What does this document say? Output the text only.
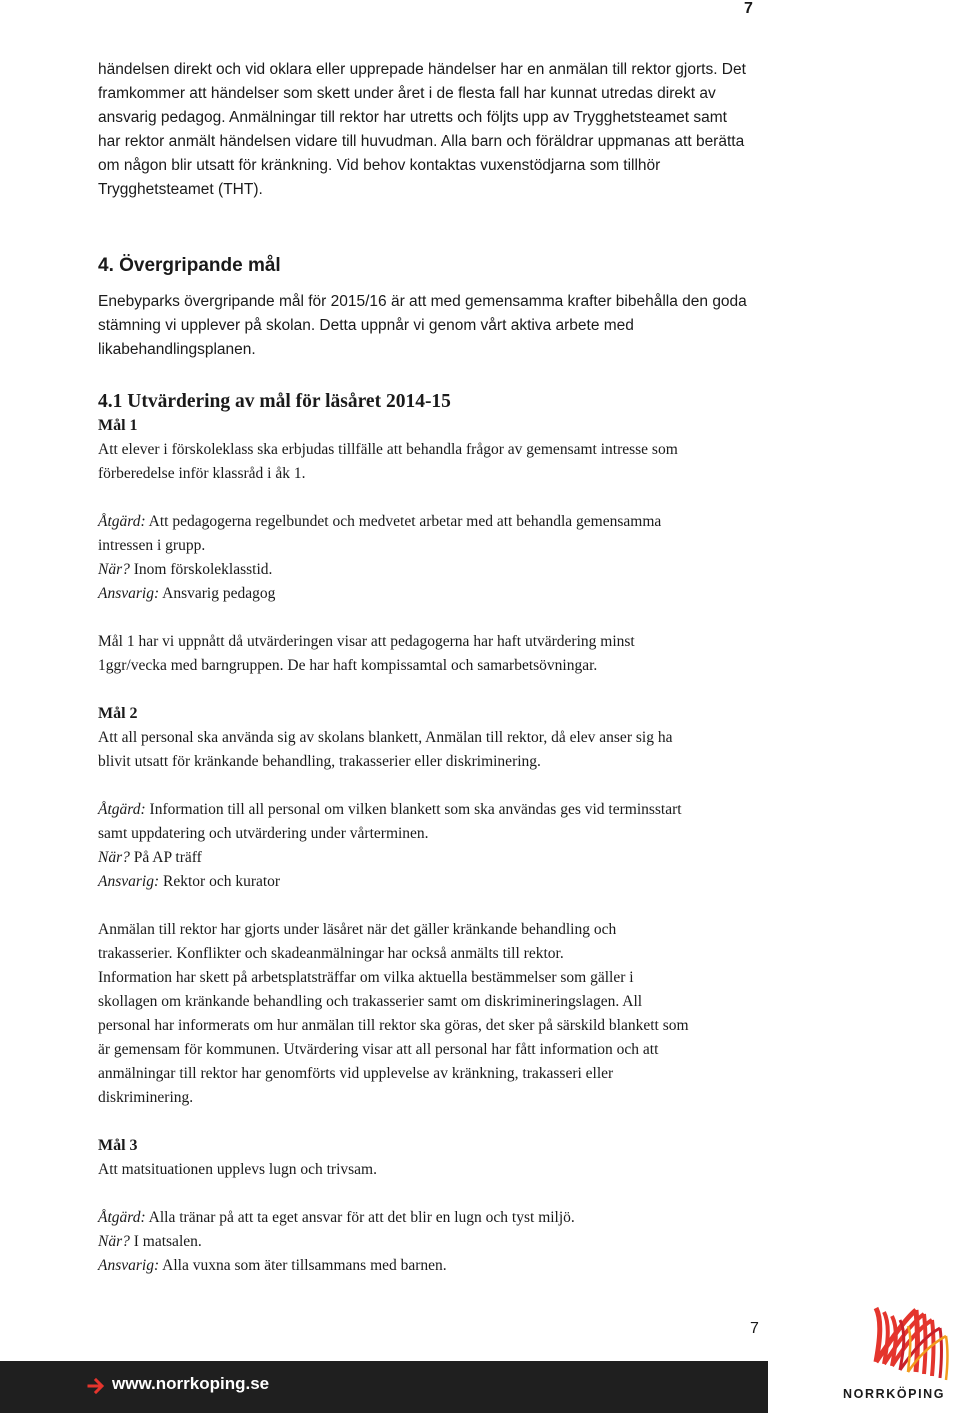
7
händelsen direkt och vid oklara eller upprepade händelser har en anmälan till rektor gjorts. Det
framkommer att händelser som skett under året i de flesta fall har kunnat utredas direkt av
ansvarig pedagog. Anmälningar till rektor har utretts och följts upp av Trygghetsteamet samt
har rektor anmält händelsen vidare till huvudman. Alla barn och föräldrar uppmanas att berätta
om någon blir utsatt för kränkning. Vid behov kontaktas vuxenstödjarna som tillhör
Trygghetsteamet (THT).
4. Övergripande mål
Enebyparks övergripande mål för 2015/16 är att med gemensamma krafter bibehålla den goda
stämning vi upplever på skolan. Detta uppnår vi genom vårt aktiva arbete med
likabehandlingsplanen.
4.1 Utvärdering av mål för läsåret 2014-15
Mål 1
Att elever i förskoleklass ska erbjudas tillfälle att behandla frågor av gemensamt intresse som
förberedelse inför klassråd i åk 1.
Åtgärd: Att pedagogerna regelbundet och medvetet arbetar med att behandla gemensamma
intressen i grupp.
När? Inom förskoleklasstid.
Ansvarig: Ansvarig pedagog
Mål 1 har vi uppnått då utvärderingen visar att pedagogerna har haft utvärdering minst
1ggr/vecka med barngruppen. De har haft kompissamtal och samarbetsövningar.
Mål 2
Att all personal ska använda sig av skolans blankett, Anmälan till rektor, då elev anser sig ha
blivit utsatt för kränkande behandling, trakasserier eller diskriminering.
Åtgärd: Information till all personal om vilken blankett som ska användas ges vid terminsstart
samt uppdatering och utvärdering under vårterminen.
När? På AP träff
Ansvarig: Rektor och kurator
Anmälan till rektor har gjorts under läsåret när det gäller kränkande behandling och
trakasserier. Konflikter och skadeanmälningar har också anmälts till rektor.
Information har skett på arbetsplatsträffar om vilka aktuella bestämmelser som gäller i
skollagen om kränkande behandling och trakasserier samt om diskrimineringslagen. All
personal har informerats om hur anmälan till rektor ska göras, det sker på särskild blankett som
är gemensam för kommunen. Utvärdering visar att all personal har fått information och att
anmälningar till rektor har genomförts vid upplevelse av kränkning, trakasseri eller
diskriminering.
Mål 3
Att matsituationen upplevs lugn och trivsam.
Åtgärd: Alla tränar på att ta eget ansvar för att det blir en lugn och tyst miljö.
När? I matsalen.
Ansvarig: Alla vuxna som äter tillsammans med barnen.
7
www.norrkoping.se
NORRKÖPING
